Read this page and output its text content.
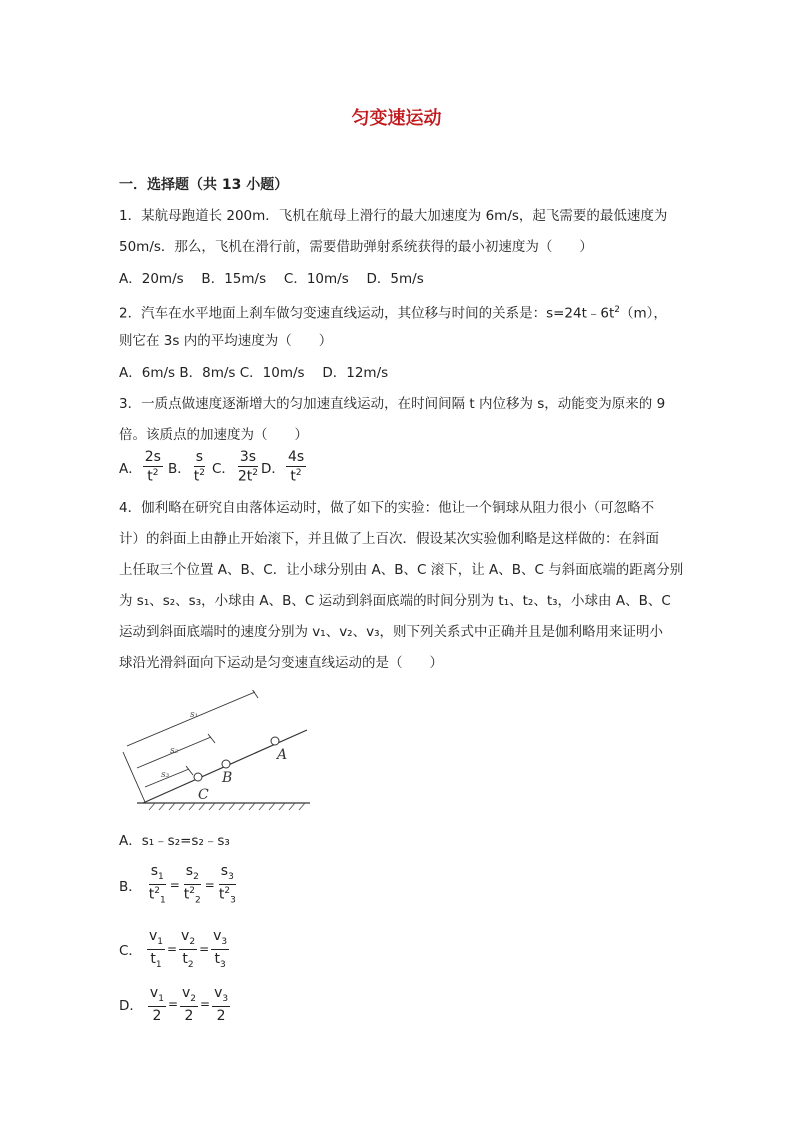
匀变速运动
一．选择题（共 13 小题）
1．某航母跑道长 200m．飞机在航母上滑行的最大加速度为 6m/s，起飞需要的最低速度为
50m/s．那么，飞机在滑行前，需要借助弹射系统获得的最小初速度为（　　）
A．20m/s　 B．15m/s　 C．10m/s　 D．5m/s
2．汽车在水平地面上刹车做匀变速直线运动，其位移与时间的关系是：$s=24t﹣6t^2(m)$，
则它在 3s 内的平均速度为（　　）
A．6m/s B．8m/s C．10m/s　 D．12m/s
3．一质点做速度逐渐增大的匀加速直线运动，在时间间隔 t 内位移为 s，动能变为原来的 9
倍。该质点的加速度为（　　）
A． $\frac{2s}{t^2}$ B． $\frac{s}{t^2}$ C． $\frac{3s}{2t^2}$ D． $\frac{4s}{t^2}$
4．伽利略在研究自由落体运动时，做了如下的实验：他让一个铜球从阻力很小（可忽略不
计）的斜面上由静止开始滚下，并且做了上百次．假设某次实验伽利略是这样做的：在斜面
上任取三个位置 A、B、C．让小球分别由 A、B、C 滚下，让 A、B、C 与斜面底端的距离分别
为 s₁、s₂、s₃，小球由 A、B、C 运动到斜面底端的时间分别为 t₁、t₂、t₃，小球由 A、B、C
运动到斜面底端时的速度分别为 v₁、v₂、v₃，则下列关系式中正确并且是伽利略用来证明小
球沿光滑斜面向下运动是匀变速直线运动的是（　　）
A
B
C
s₁
s₂
s₃
A．s₁﹣s₂=s₂﹣s₃
B． $\frac{s_1}{t^2_1} = \frac{s_2}{t^2_2} = \frac{s_3}{t^2_3}$
C． $\frac{v_1}{t_1} = \frac{v_2}{t_2} = \frac{v_3}{t_3}$
D． $\frac{v_1}{2} = \frac{v_2}{2} = \frac{v_3}{2}$
